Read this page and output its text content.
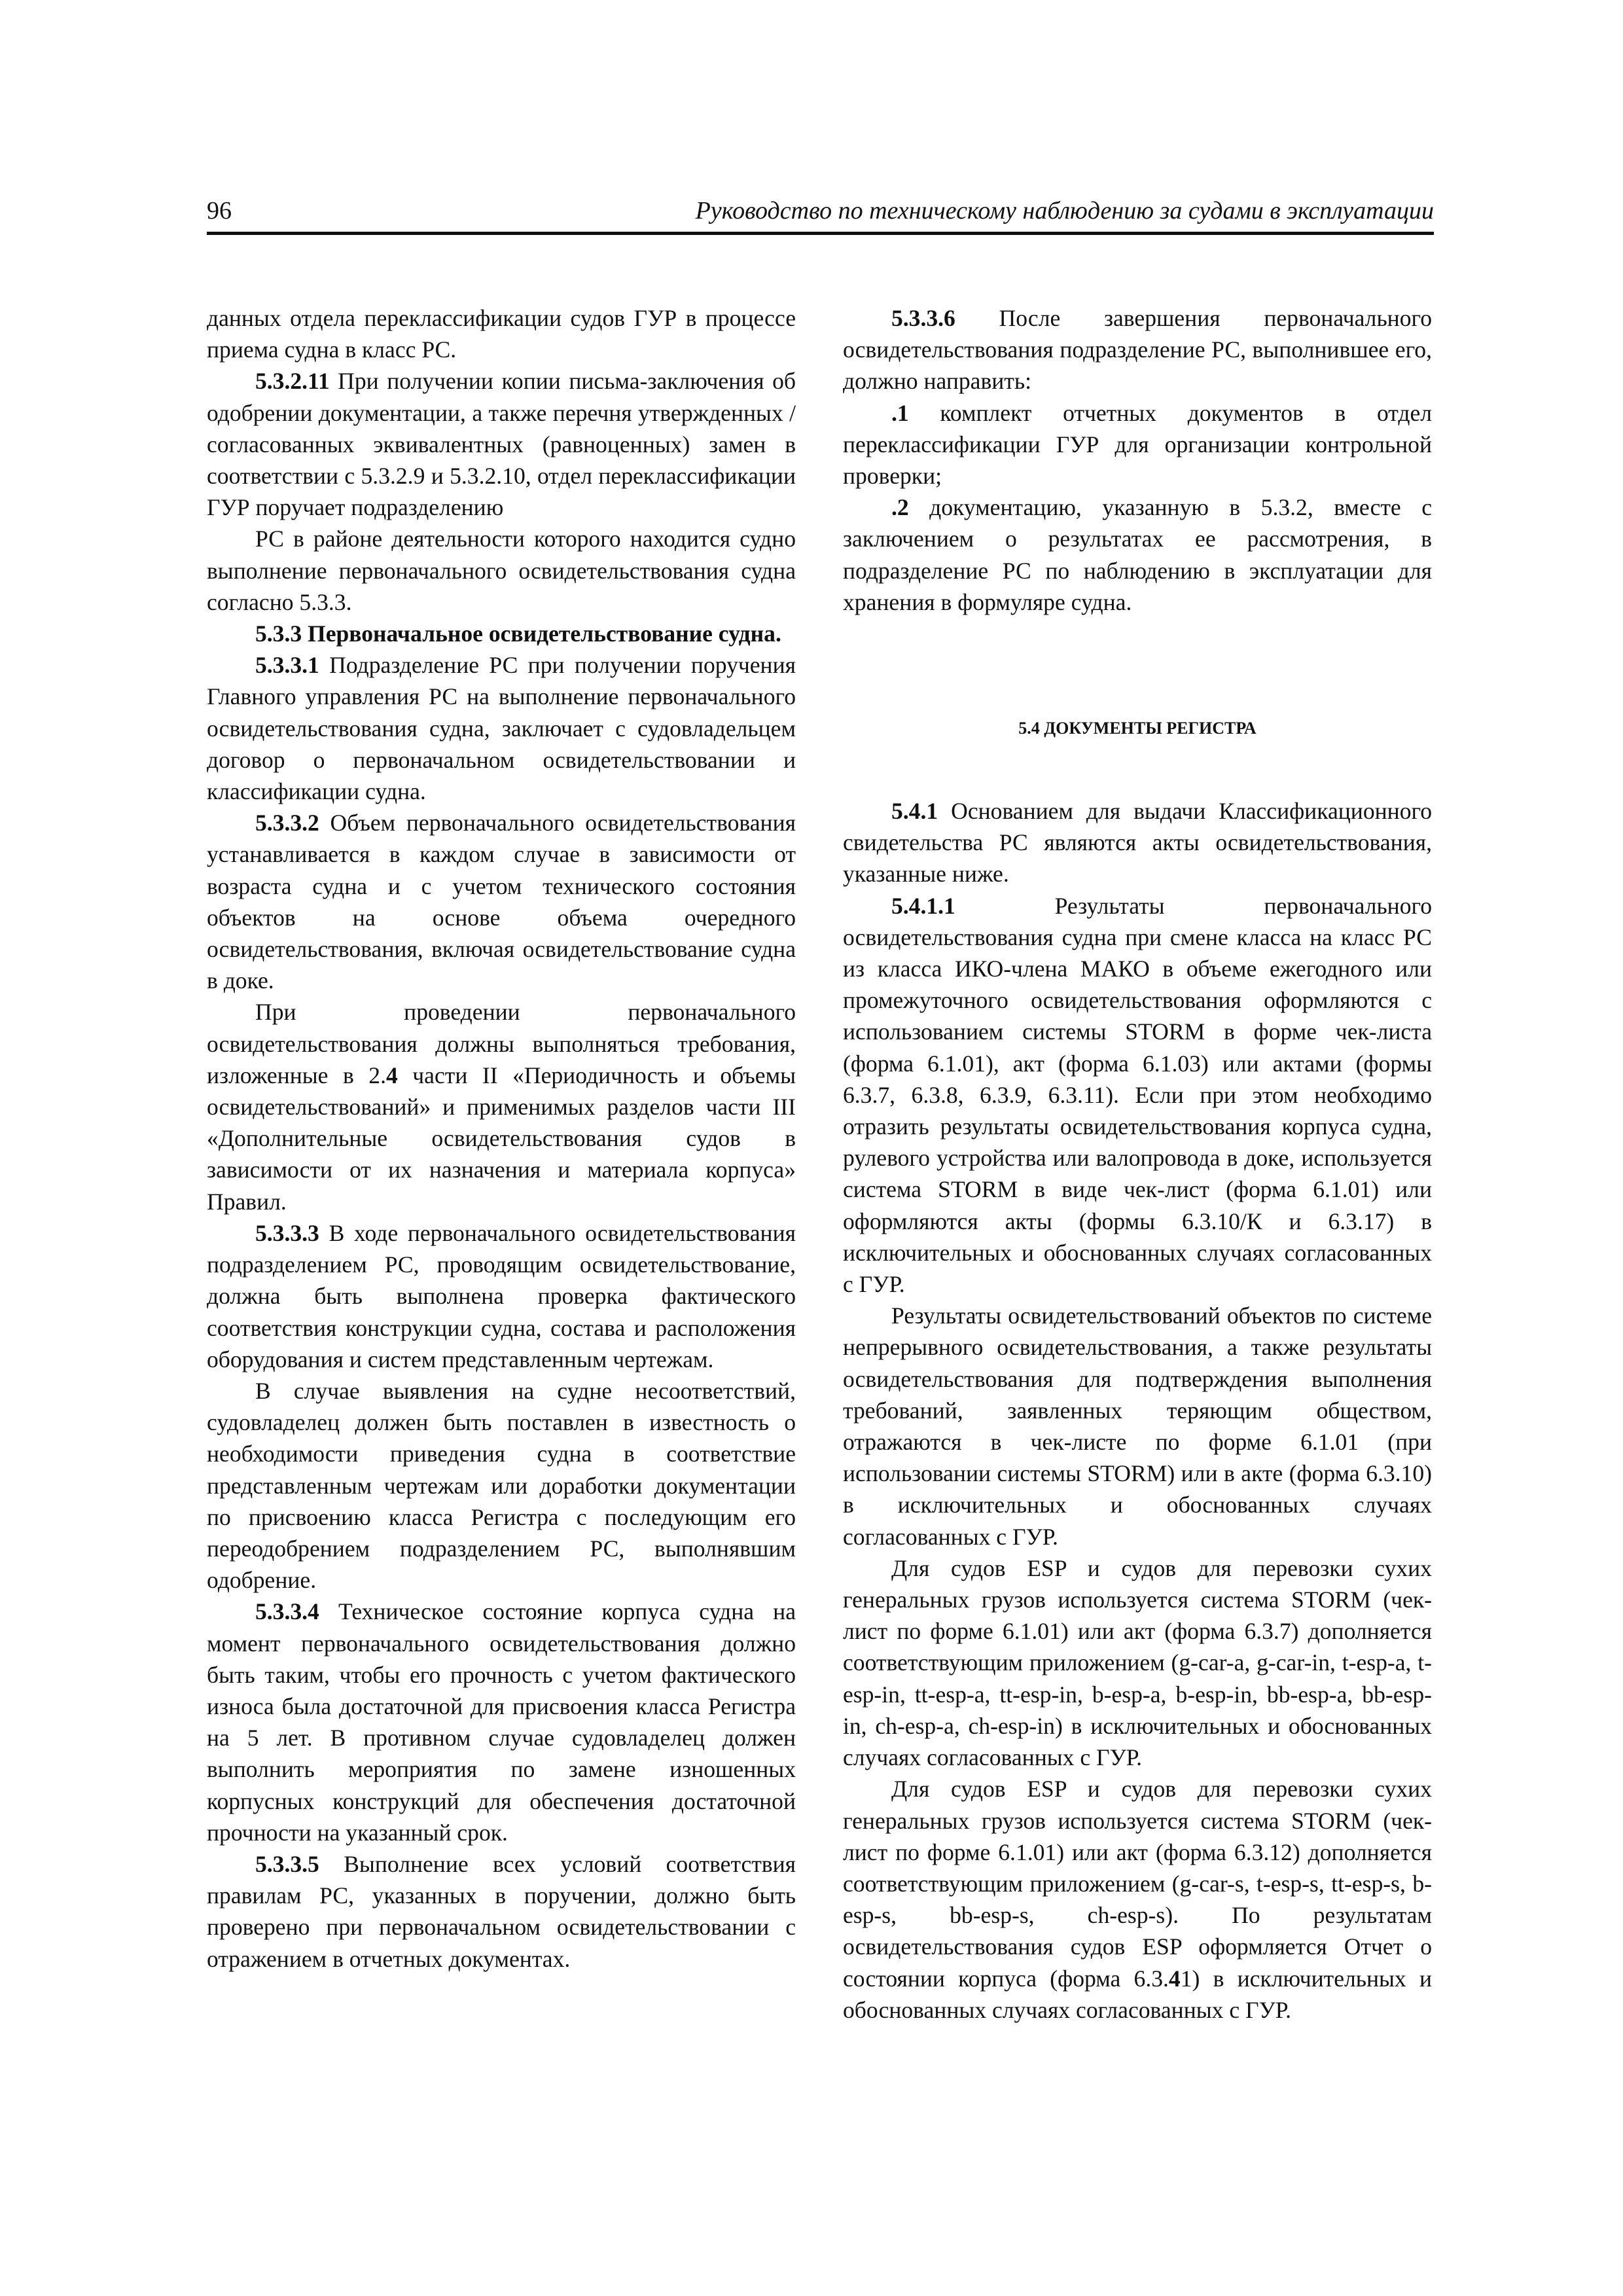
96	Руководство по техническому наблюдению за судами в эксплуатации

данных отдела переклассификации судов ГУР в процессе приема судна в класс РС.

5.3.2.11 При получении копии письма-заключения об одобрении документации, а также перечня утвержденных / согласованных эквивалентных (равноценных) замен в соответствии с 5.3.2.9 и 5.3.2.10, отдел переклассификации ГУР поручает подразделению

РС в районе деятельности которого находится судно выполнение первоначального освидетельствования судна согласно 5.3.3.

5.3.3 Первоначальное освидетельствование судна.

5.3.3.1 Подразделение РС при получении поручения Главного управления РС на выполнение первоначального освидетельствования судна, заключает с судовладельцем договор о первоначальном освидетельствовании и классификации судна.

5.3.3.2 Объем первоначального освидетельствования устанавливается в каждом случае в зависимости от возраста судна и с учетом технического состояния объектов на основе объема очередного освидетельствования, включая освидетельствование судна в доке.

При проведении первоначального освидетельствования должны выполняться требования, изложенные в 2.4 части II «Периодичность и объемы освидетельствований» и применимых разделов части III «Дополнительные освидетельствования судов в зависимости от их назначения и материала корпуса» Правил.

5.3.3.3 В ходе первоначального освидетельствования подразделением РС, проводящим освидетельствование, должна быть выполнена проверка фактического соответствия конструкции судна, состава и расположения оборудования и систем представленным чертежам.

В случае выявления на судне несоответствий, судовладелец должен быть поставлен в известность о необходимости приведения судна в соответствие представленным чертежам или доработки документации по присвоению класса Регистра с последующим его переодобрением подразделением РС, выполнявшим одобрение.

5.3.3.4 Техническое состояние корпуса судна на момент первоначального освидетельствования должно быть таким, чтобы его прочность с учетом фактического износа была достаточной для присвоения класса Регистра на 5 лет. В противном случае судовладелец должен выполнить мероприятия по замене изношенных корпусных конструкций для обеспечения достаточной прочности на указанный срок.

5.3.3.5 Выполнение всех условий соответствия правилам РС, указанных в поручении, должно быть проверено при первоначальном освидетельствовании с отражением в отчетных документах.

5.3.3.6 После завершения первоначального освидетельствования подразделение РС, выполнившее его, должно направить:

.1 комплект отчетных документов в отдел переклассификации ГУР для организации контрольной проверки;

.2 документацию, указанную в 5.3.2, вместе с заключением о результатах ее рассмотрения, в подразделение РС по наблюдению в эксплуатации для хранения в формуляре судна.

5.4 ДОКУМЕНТЫ РЕГИСТРА

5.4.1 Основанием для выдачи Классификационного свидетельства РС являются акты освидетельствования, указанные ниже.

5.4.1.1 Результаты первоначального освидетельствования судна при смене класса на класс РС из класса ИКО-члена МАКО в объеме ежегодного или промежуточного освидетельствования оформляются с использованием системы STORM в форме чек-листа (форма 6.1.01), акт (форма 6.1.03) или актами (формы 6.3.7, 6.3.8, 6.3.9, 6.3.11). Если при этом необходимо отразить результаты освидетельствования корпуса судна, рулевого устройства или валопровода в доке, используется система STORM в виде чек-лист (форма 6.1.01) или оформляются акты (формы 6.3.10/К и 6.3.17) в исключительных и обоснованных случаях согласованных с ГУР.

Результаты освидетельствований объектов по системе непрерывного освидетельствования, а также результаты освидетельствования для подтверждения выполнения требований, заявленных теряющим обществом, отражаются в чек-листе по форме 6.1.01 (при использовании системы STORM) или в акте (форма 6.3.10) в исключительных и обоснованных случаях согласованных с ГУР.

Для судов ESP и судов для перевозки сухих генеральных грузов используется система STORM (чек-лист по форме 6.1.01) или акт (форма 6.3.7) дополняется соответствующим приложением (g-car-a, g-car-in, t-esp-a, t-esp-in, tt-esp-a, tt-esp-in, b-esp-a, b-esp-in, bb-esp-a, bb-esp-in, ch-esp-a, ch-esp-in) в исключительных и обоснованных случаях согласованных с ГУР.

Для судов ESP и судов для перевозки сухих генеральных грузов используется система STORM (чек-лист по форме 6.1.01) или акт (форма 6.3.12) дополняется соответствующим приложением (g-car-s, t-esp-s, tt-esp-s, b-esp-s, bb-esp-s, ch-esp-s). По результатам освидетельствования судов ESP оформляется Отчет о состоянии корпуса (форма 6.3.41) в исключительных и обоснованных случаях согласованных с ГУР.
